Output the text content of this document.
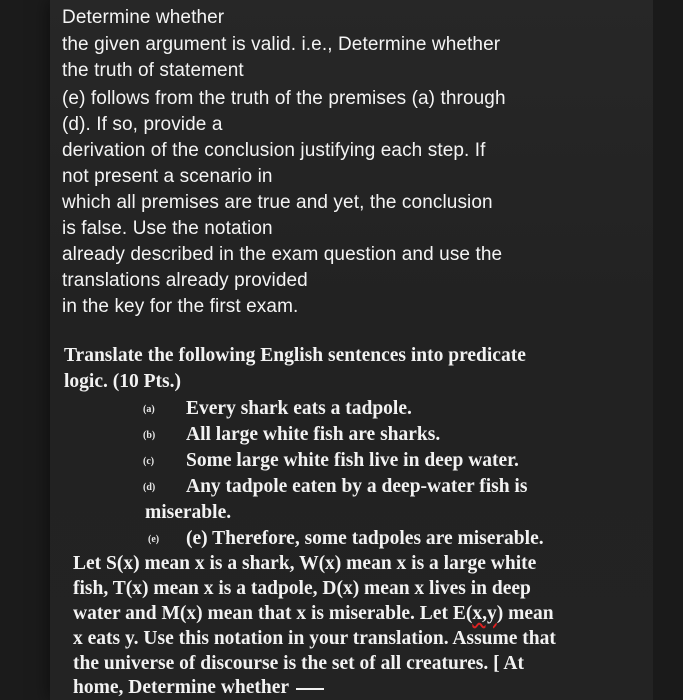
Determine whether
the given argument is valid. i.e., Determine whether
the truth of statement
(e) follows from the truth of the premises (a) through
(d). If so, provide a
derivation of the conclusion justifying each step. If
not present a scenario in
which all premises are true and yet, the conclusion
is false. Use the notation
already described in the exam question and use the
translations already provided
in the key for the first exam.
Translate the following English sentences into predicate
logic. (10 Pts.)
(a) Every shark eats a tadpole.
(b) All large white fish are sharks.
(c) Some large white fish live in deep water.
(d) Any tadpole eaten by a deep-water fish is
miserable.
(e) (e) Therefore, some tadpoles are miserable.
Let S(x) mean x is a shark, W(x) mean x is a large white
fish, T(x) mean x is a tadpole, D(x) mean x lives in deep
water and M(x) mean that x is miserable. Let E(x,y) mean
x eats y. Use this notation in your translation. Assume that
the universe of discourse is the set of all creatures. [ At
home, Determine whether
